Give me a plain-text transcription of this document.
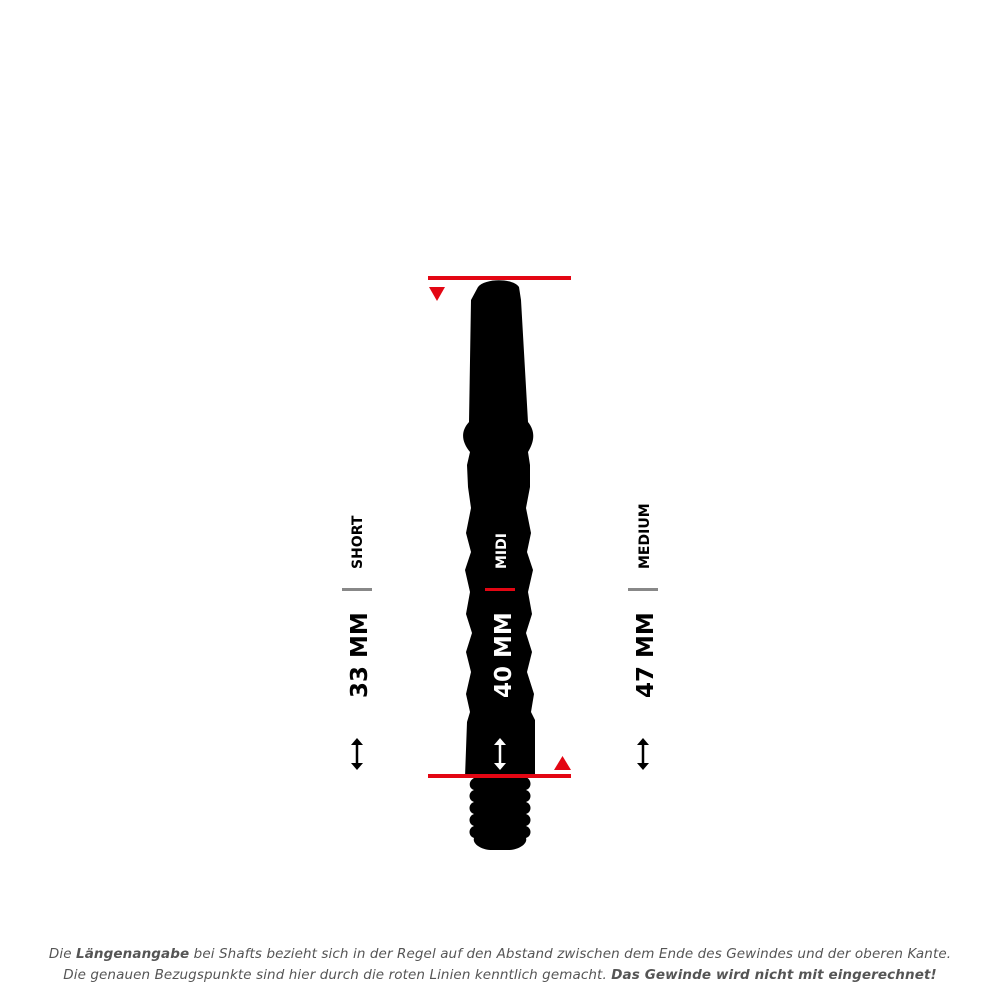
SHORT
33 MM
MIDI
40 MM
MEDIUM
47 MM
Die Längenangabe bei Shafts bezieht sich in der Regel auf den Abstand zwischen dem Ende des Gewindes und der oberen Kante.
Die genauen Bezugspunkte sind hier durch die roten Linien kenntlich gemacht. Das Gewinde wird nicht mit eingerechnet!
